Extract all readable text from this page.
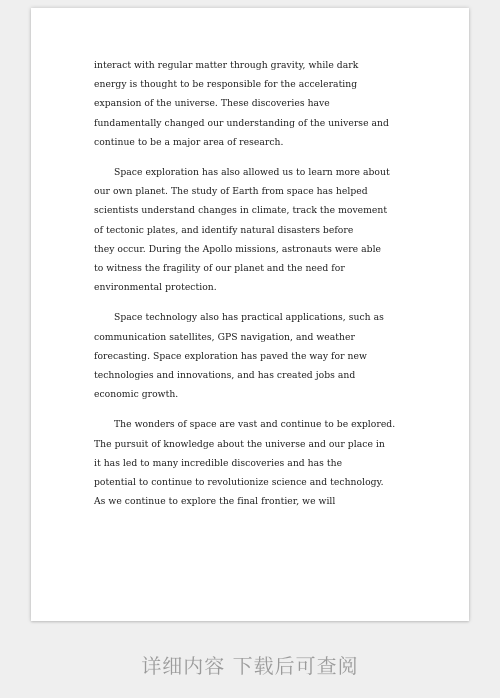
interact with regular matter through gravity, while dark
energy is thought to be responsible for the accelerating
expansion of the universe. These discoveries have
fundamentally changed our understanding of the universe and
continue to be a major area of research.

Space exploration has also allowed us to learn more about
our own planet. The study of Earth from space has helped
scientists understand changes in climate, track the movement
of tectonic plates, and identify natural disasters before
they occur. During the Apollo missions, astronauts were able
to witness the fragility of our planet and the need for
environmental protection.

Space technology also has practical applications, such as
communication satellites, GPS navigation, and weather
forecasting. Space exploration has paved the way for new
technologies and innovations, and has created jobs and
economic growth.

The wonders of space are vast and continue to be explored.
The pursuit of knowledge about the universe and our place in
it has led to many incredible discoveries and has the
potential to continue to revolutionize science and technology.
As we continue to explore the final frontier, we will

详细内容 下载后可查阅
